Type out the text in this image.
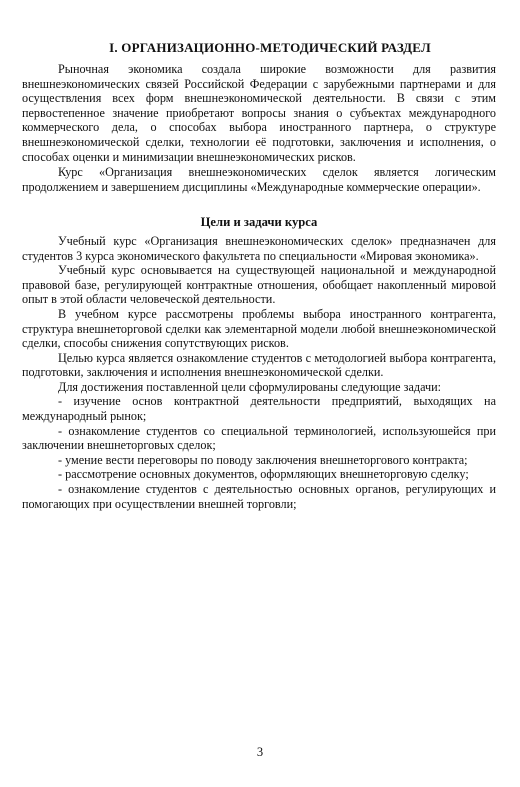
I. ОРГАНИЗАЦИОННО-МЕТОДИЧЕСКИЙ РАЗДЕЛ

Рыночная экономика создала широкие возможности для развития внешнеэкономических связей Российской Федерации с зарубежными партнерами и для осуществления всех форм внешнеэкономической деятельности. В связи с этим первостепенное значение приобретают вопросы знания о субъектах международного коммерческого дела, о способах выбора иностранного партнера, о структуре внешнеэкономической сделки, технологии её подготовки, заключения и исполнения, о способах оценки и минимизации внешнеэкономических рисков.

Курс «Организация внешнеэкономических сделок является логическим продолжением и завершением дисциплины «Международные коммерческие операции».

Цели и задачи курса

Учебный курс «Организация внешнеэкономических сделок» предназначен для студентов 3 курса экономического факультета по специальности «Мировая экономика».

Учебный курс основывается на существующей национальной и международной правовой базе, регулирующей контрактные отношения, обобщает накопленный мировой опыт в этой области человеческой деятельности.

В учебном курсе рассмотрены проблемы выбора иностранного контрагента, структура внешнеторговой сделки как элементарной модели любой внешнеэкономической сделки, способы снижения сопутствующих рисков.

Целью курса является ознакомление студентов с методологией выбора контрагента, подготовки, заключения и исполнения внешнеэкономической сделки.

Для достижения поставленной цели сформулированы следующие задачи:

- изучение основ контрактной деятельности предприятий, выходящих на международный рынок;
- ознакомление студентов со специальной терминологией, используюшейся при заключении внешнеторговых сделок;
- умение вести переговоры по поводу заключения внешнеторгового контракта;
- рассмотрение основных документов, оформляющих внешнеторговую сделку;
- ознакомление студентов с деятельностью основных органов, регулирующих и помогающих при осуществлении внешней торговли;
3
